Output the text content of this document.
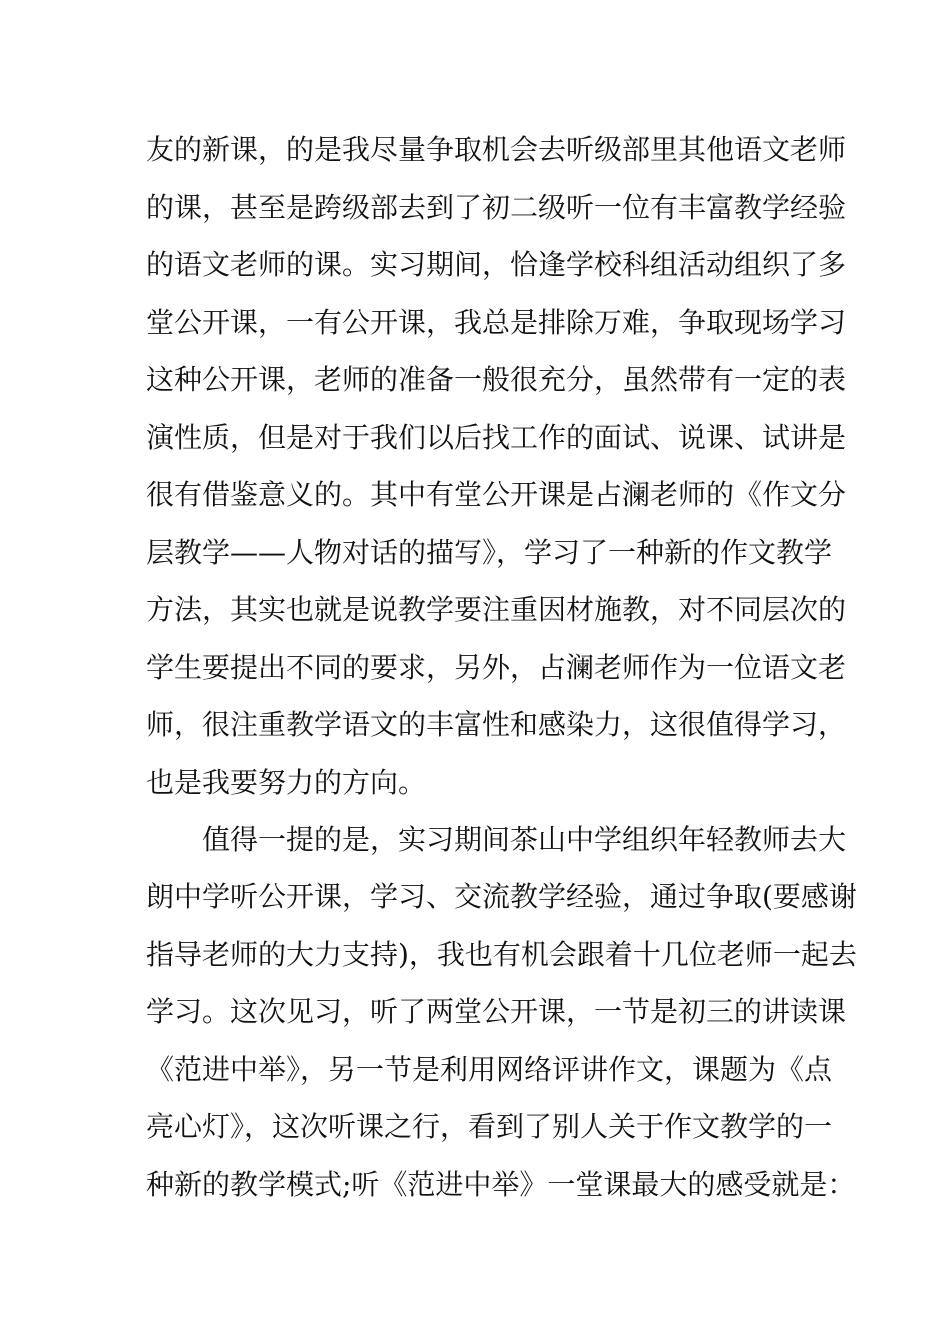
友的新课，的是我尽量争取机会去听级部里其他语文老师
的课，甚至是跨级部去到了初二级听一位有丰富教学经验
的语文老师的课。实习期间，恰逢学校科组活动组织了多
堂公开课，一有公开课，我总是排除万难，争取现场学习
这种公开课，老师的准备一般很充分，虽然带有一定的表
演性质，但是对于我们以后找工作的面试、说课、试讲是
很有借鉴意义的。其中有堂公开课是占澜老师的《作文分
层教学——人物对话的描写》，学习了一种新的作文教学
方法，其实也就是说教学要注重因材施教，对不同层次的
学生要提出不同的要求，另外，占澜老师作为一位语文老
师，很注重教学语文的丰富性和感染力，这很值得学习，
也是我要努力的方向。
值得一提的是，实习期间茶山中学组织年轻教师去大
朗中学听公开课，学习、交流教学经验，通过争取(要感谢
指导老师的大力支持)，我也有机会跟着十几位老师一起去
学习。这次见习，听了两堂公开课，一节是初三的讲读课
《范进中举》，另一节是利用网络评讲作文，课题为《点
亮心灯》，这次听课之行，看到了别人关于作文教学的一
种新的教学模式;听《范进中举》一堂课最大的感受就是：
